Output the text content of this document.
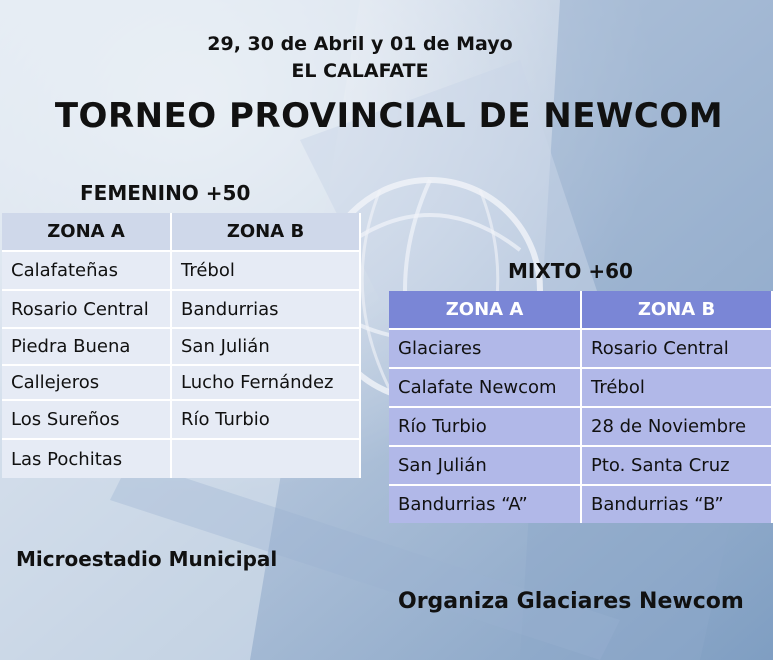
29, 30 de Abril y 01 de Mayo
EL CALAFATE
TORNEO PROVINCIAL DE NEWCOM
FEMENINO +50
ZONA A	ZONA B
Calafateñas	Trébol
Rosario Central	Bandurrias
Piedra Buena	San Julián
Callejeros	Lucho Fernández
Los Sureños	Río Turbio
Las Pochitas	
MIXTO +60
ZONA A	ZONA B
Glaciares	Rosario Central
Calafate Newcom	Trébol
Río Turbio	28 de Noviembre
San Julián	Pto. Santa Cruz
Bandurrias “A”	Bandurrias “B”
Microestadio Municipal
Organiza Glaciares Newcom
